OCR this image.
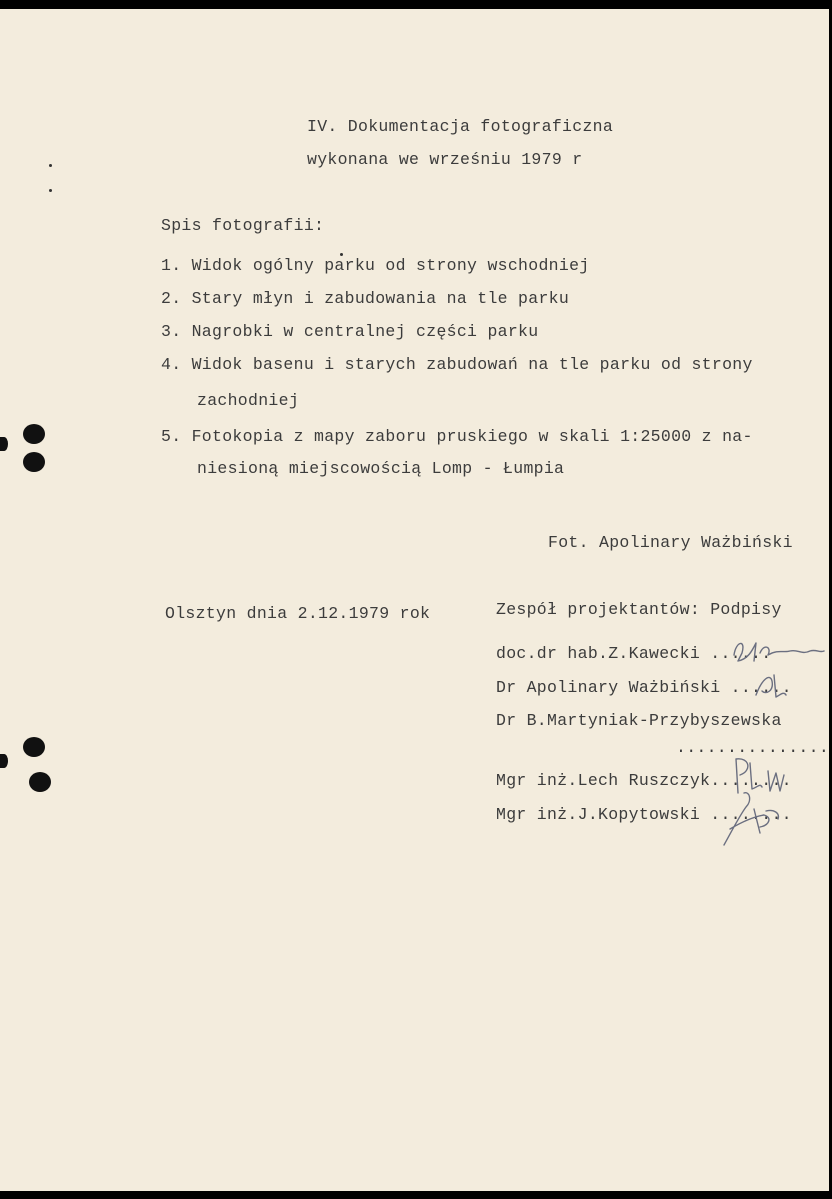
IV. Dokumentacja fotograficzna
wykonana we wrześniu 1979 r
Spis fotografii:
1. Widok ogólny parku od strony wschodniej
2. Stary młyn i zabudowania na tle parku
3. Nagrobki w centralnej części parku
4. Widok basenu i starych zabudowań na tle parku od strony
zachodniej
5. Fotokopia z mapy zaboru pruskiego w skali 1:25000 z na-
niesioną miejscowością Lomp - Łumpia
Fot. Apolinary Ważbiński
Olsztyn dnia 2.12.1979 rok	Zespół projektantów: Podpisy
doc.dr hab.Z.Kawecki ......
Dr Apolinary Ważbiński ......
Dr B.Martyniak-Przybyszewska
...............
Mgr inż.Lech Ruszczyk........
Mgr inż.J.Kopytowski ........
